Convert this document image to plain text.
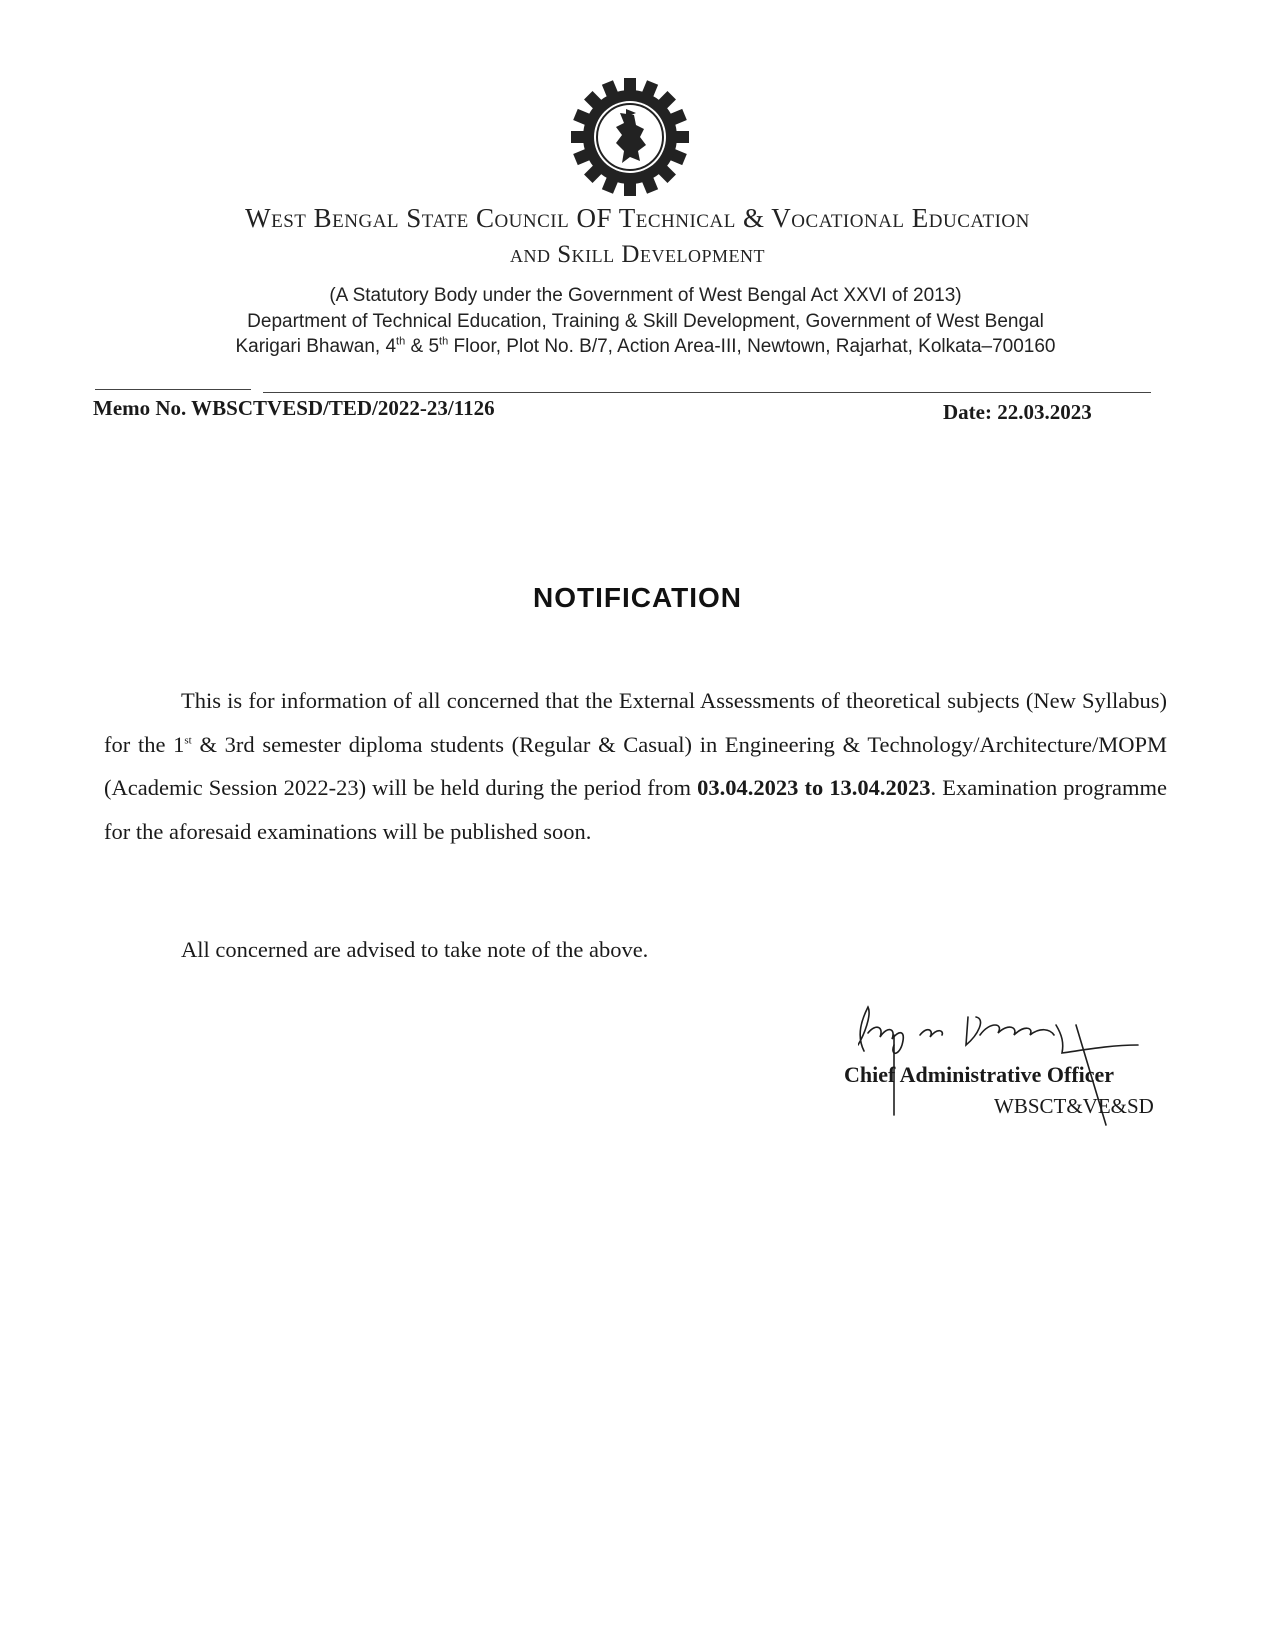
West Bengal State Council OF Technical & Vocational Education
and Skill Development
(A Statutory Body under the Government of West Bengal Act XXVI of 2013)
Department of Technical Education, Training & Skill Development, Government of West Bengal
Karigari Bhawan, 4th & 5th Floor, Plot No. B/7, Action Area-III, Newtown, Rajarhat, Kolkata–700160
Memo No. WBSCTVESD/TED/2022-23/1126	Date: 22.03.2023
NOTIFICATION
This is for information of all concerned that the External Assessments of theoretical subjects (New Syllabus) for the 1st & 3rd semester diploma students (Regular & Casual) in Engineering & Technology/Architecture/MOPM (Academic Session 2022-23) will be held during the period from 03.04.2023 to 13.04.2023. Examination programme for the aforesaid examinations will be published soon.
All concerned are advised to take note of the above.
Chief Administrative Officer
WBSCT&VE&SD
